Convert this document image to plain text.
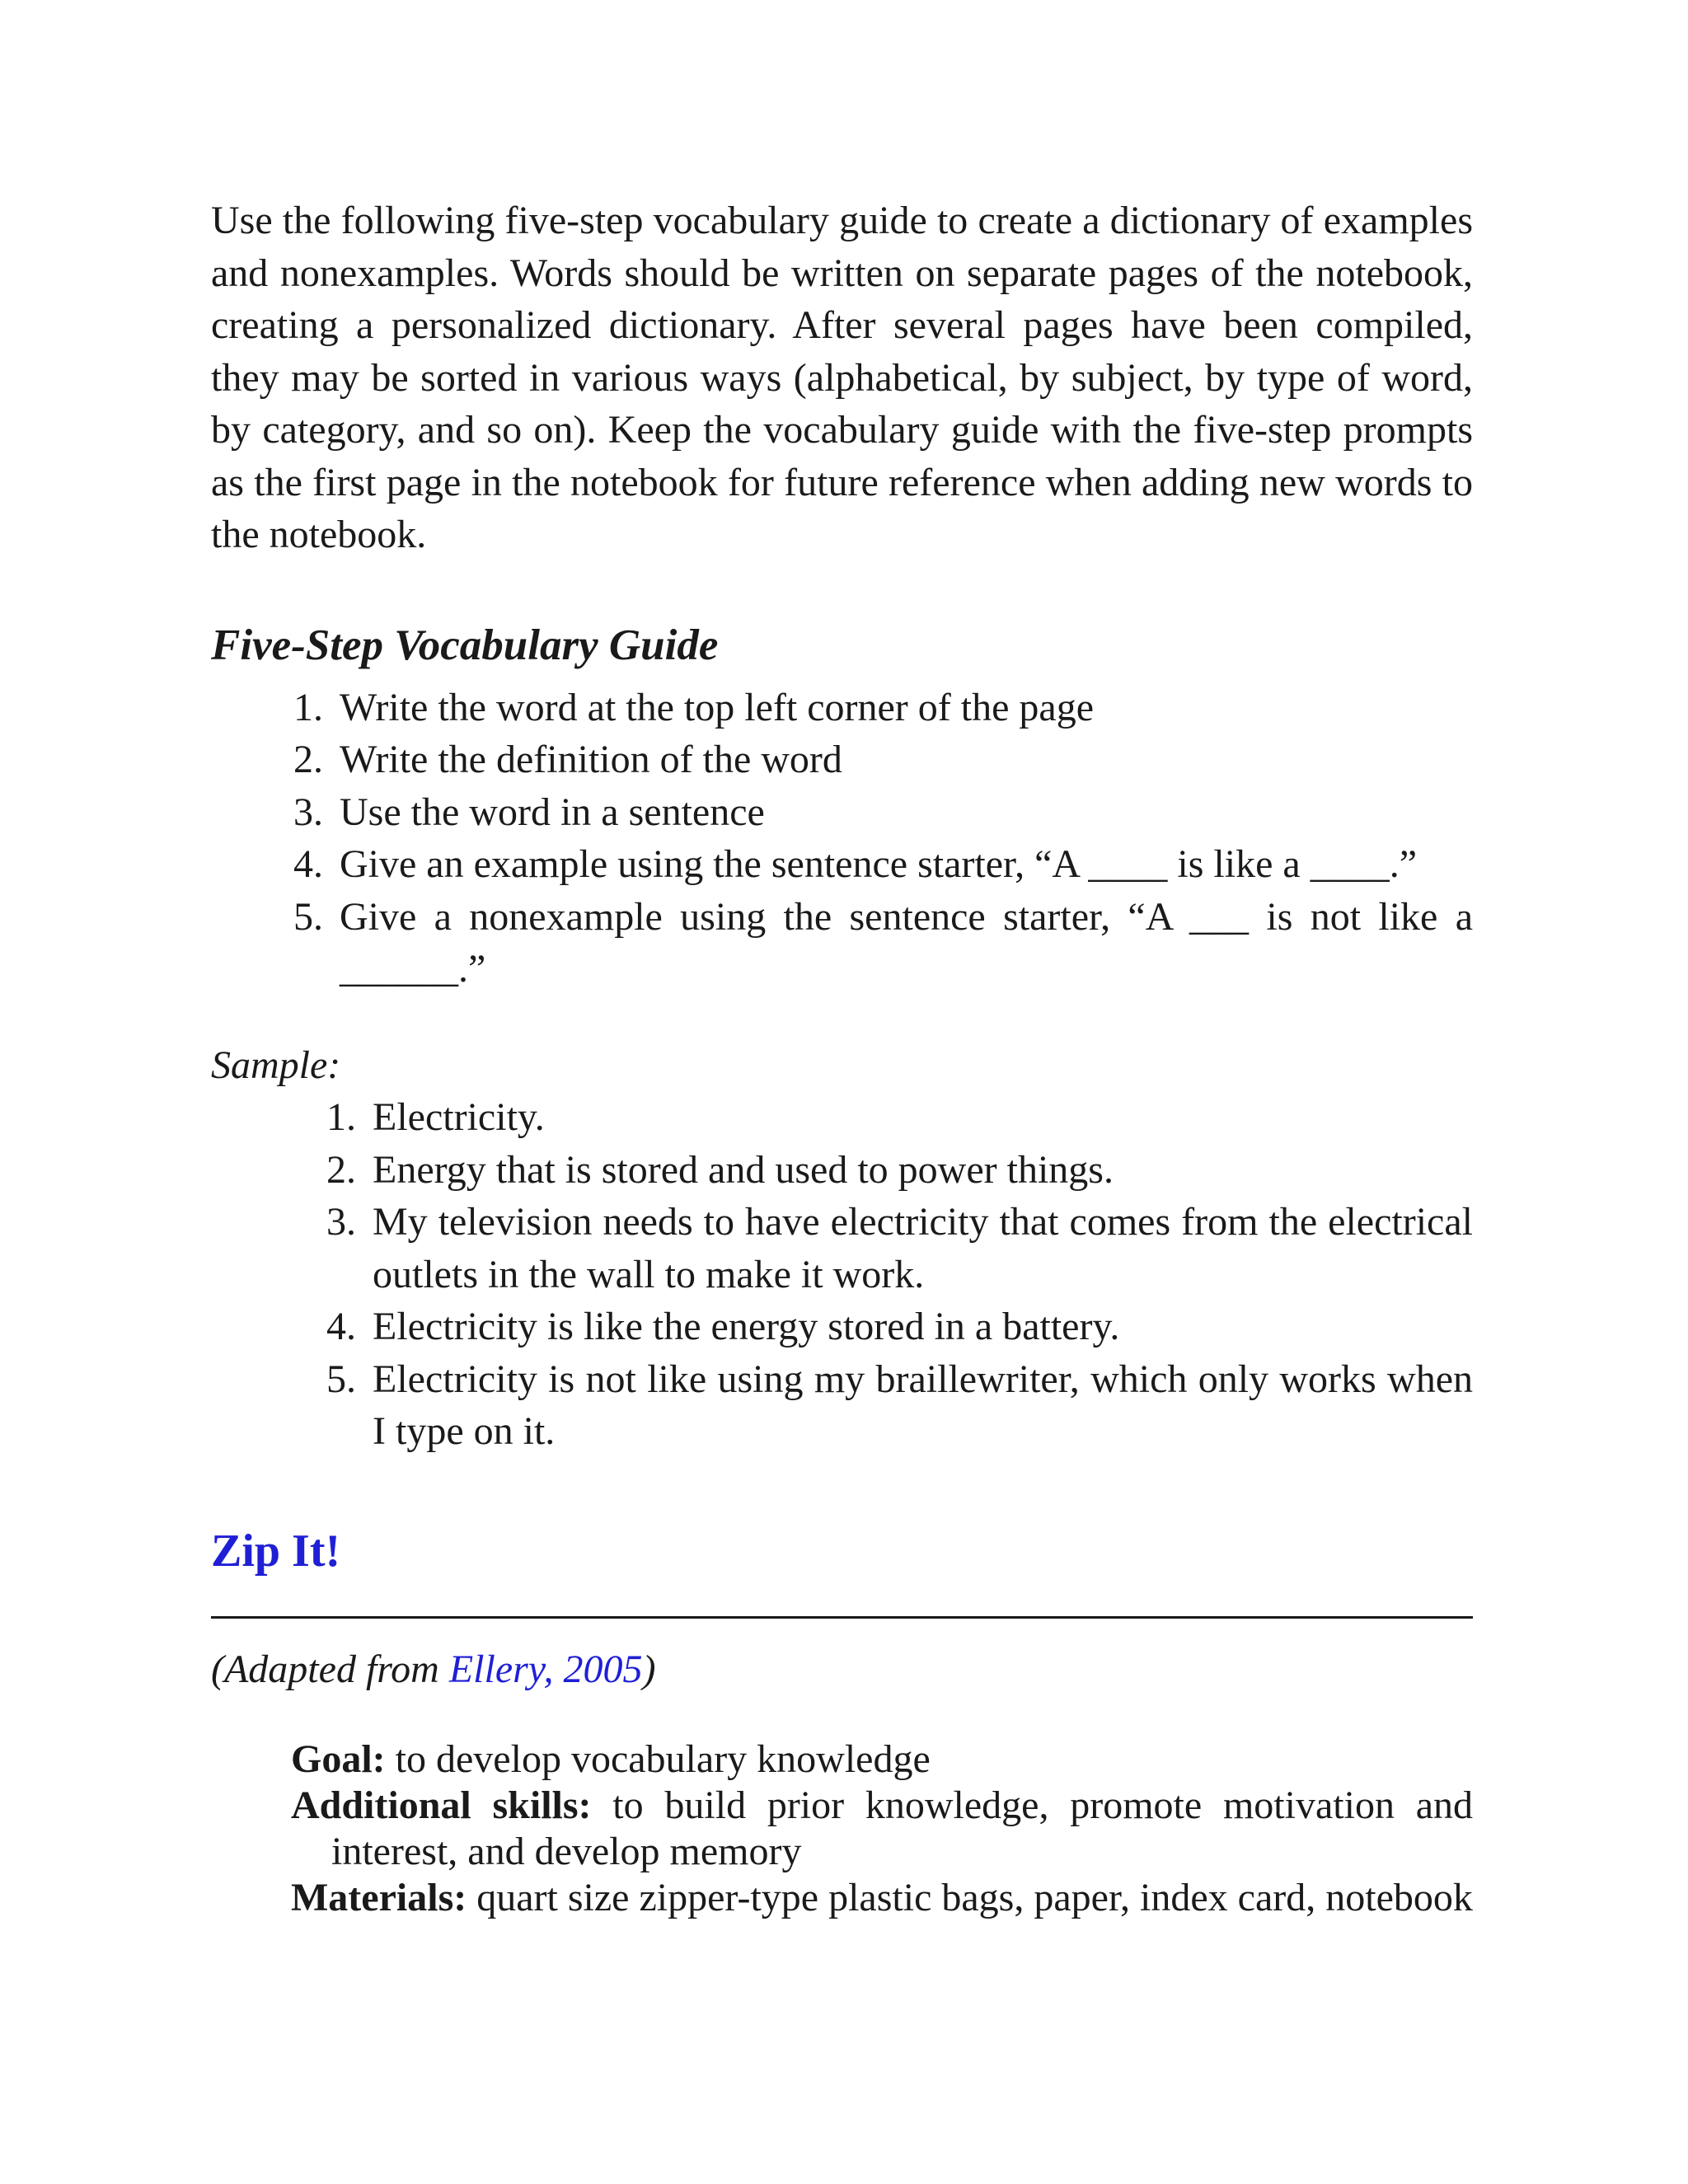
Use the following five-step vocabulary guide to create a dictionary of examples and nonexamples. Words should be written on separate pages of the notebook, creating a personalized dictionary. After several pages have been compiled, they may be sorted in various ways (alphabetical, by subject, by type of word, by category, and so on). Keep the vocabulary guide with the five-step prompts as the first page in the notebook for future reference when adding new words to the notebook.

Five-Step Vocabulary Guide
1. Write the word at the top left corner of the page
2. Write the definition of the word
3. Use the word in a sentence
4. Give an example using the sentence starter, “A ____ is like a ____.”
5. Give a nonexample using the sentence starter, “A ___ is not like a ______.”

Sample:

1. Electricity.
2. Energy that is stored and used to power things.
3. My television needs to have electricity that comes from the electrical outlets in the wall to make it work.
4. Electricity is like the energy stored in a battery.
5. Electricity is not like using my braillewriter, which only works when I type on it.
Zip It!

(Adapted from Ellery, 2005)

Goal: to develop vocabulary knowledge

Additional skills: to build prior knowledge, promote motivation and interest, and develop memory

Materials: quart size zipper-type plastic bags, paper, index card, notebook
